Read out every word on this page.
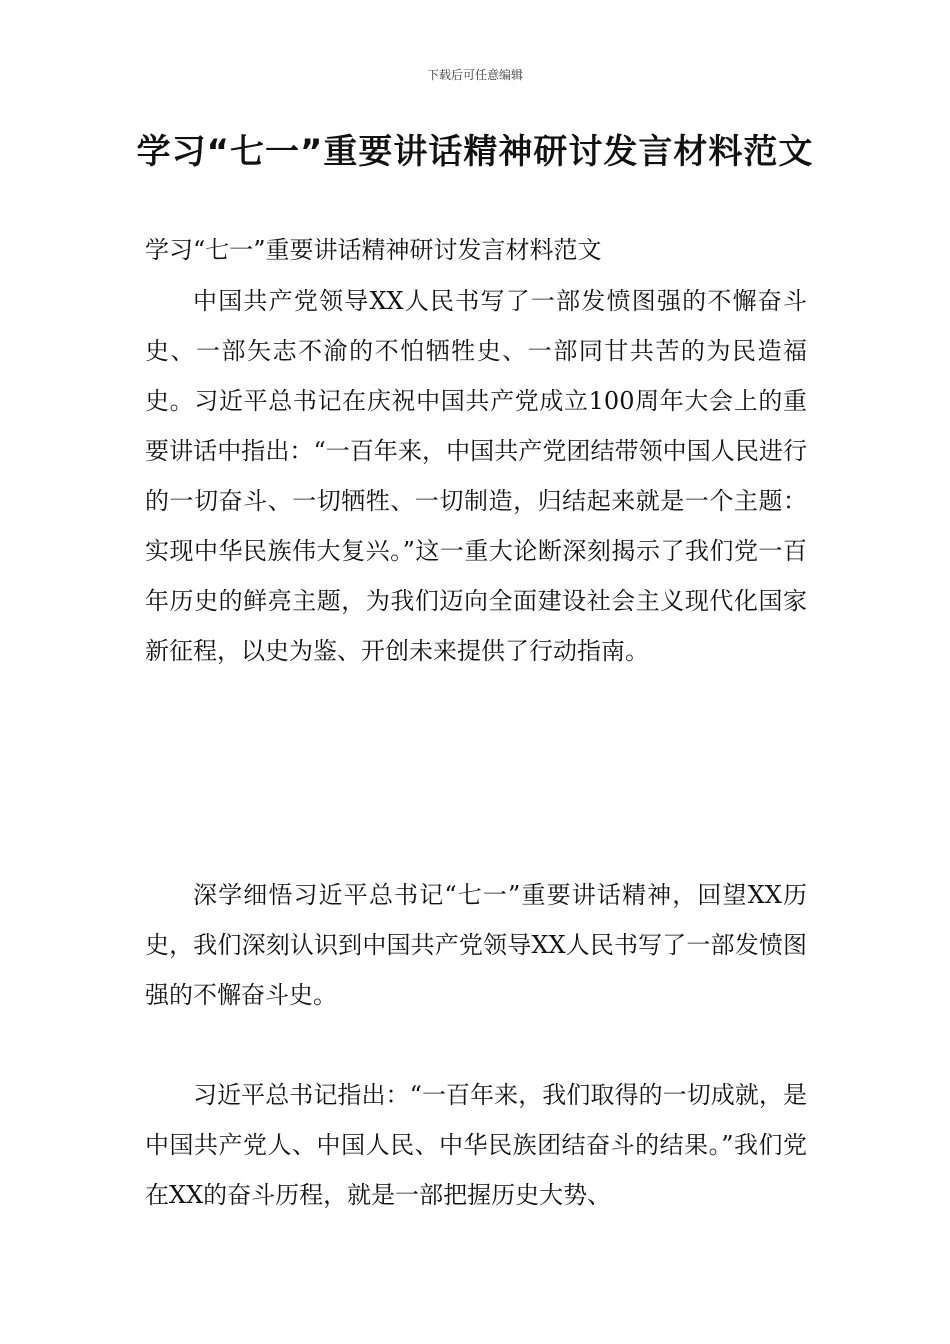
下载后可任意编辑
学习“七一”重要讲话精神研讨发言材料范文
学习“七一”重要讲话精神研讨发言材料范文

中国共产党领导XX人民书写了一部发愤图强的不懈奋斗史、一部矢志不渝的不怕牺牲史、一部同甘共苦的为民造福史。习近平总书记在庆祝中国共产党成立100周年大会上的重要讲话中指出：“一百年来，中国共产党团结带领中国人民进行的一切奋斗、一切牺牲、一切制造，归结起来就是一个主题：实现中华民族伟大复兴。”这一重大论断深刻揭示了我们党一百年历史的鲜亮主题，为我们迈向全面建设社会主义现代化国家新征程，以史为鉴、开创未来提供了行动指南。

深学细悟习近平总书记“七一”重要讲话精神，回望XX历史，我们深刻认识到中国共产党领导XX人民书写了一部发愤图强的不懈奋斗史。

习近平总书记指出：“一百年来，我们取得的一切成就，是中国共产党人、中国人民、中华民族团结奋斗的结果。”我们党在XX的奋斗历程，就是一部把握历史大势、
